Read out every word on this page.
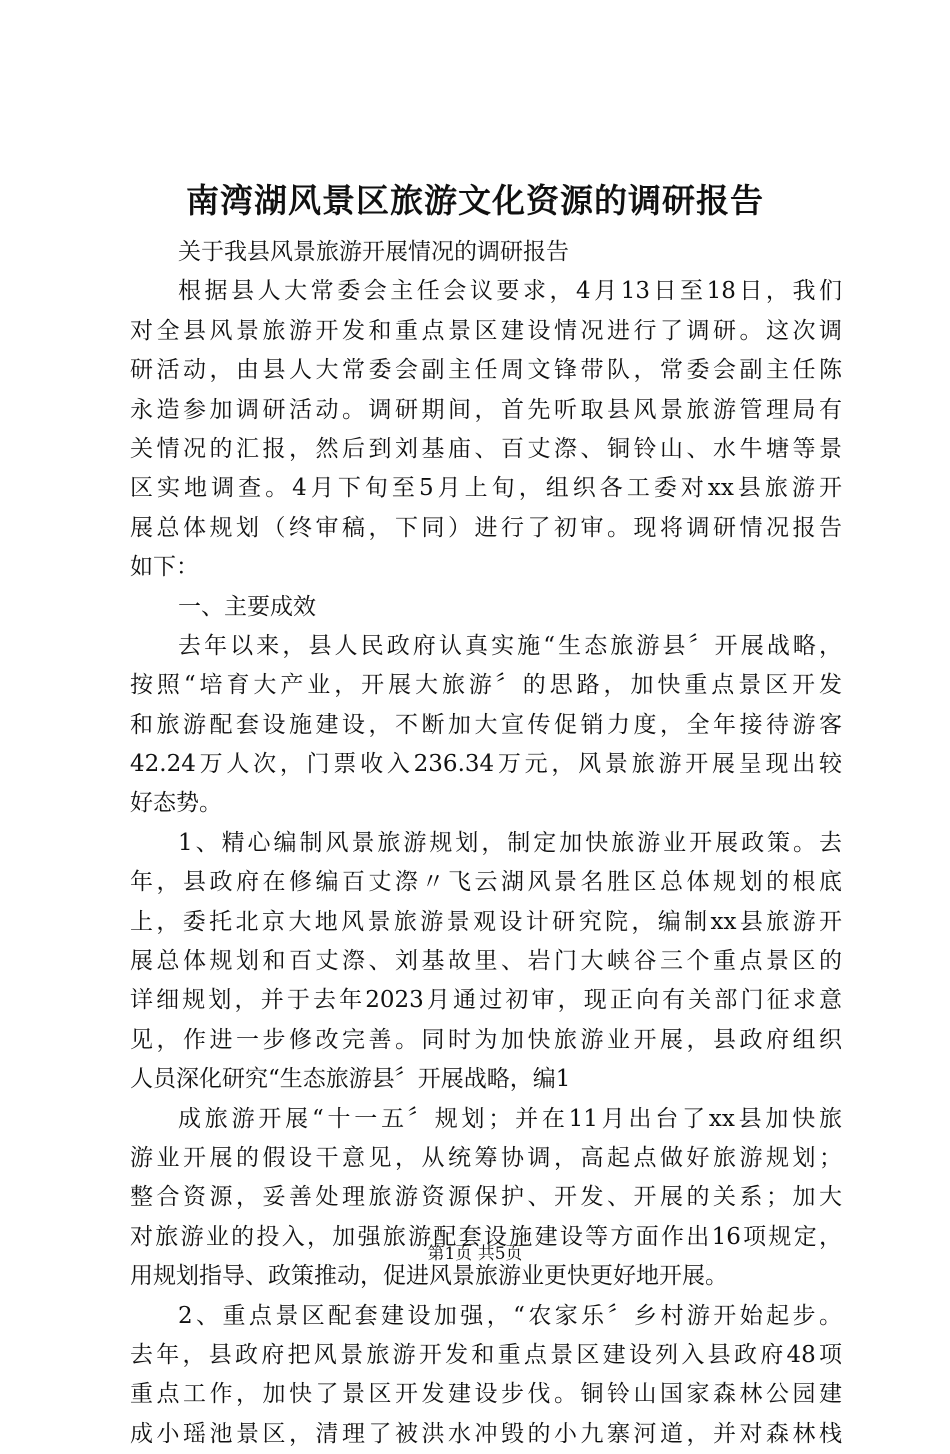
南湾湖风景区旅游文化资源的调研报告
关于我县风景旅游开展情况的调研报告
根据县人大常委会主任会议要求，4月13日至18日，我们
对全县风景旅游开发和重点景区建设情况进行了调研。这次调
研活动，由县人大常委会副主任周文锋带队，常委会副主任陈
永造参加调研活动。调研期间，首先听取县风景旅游管理局有
关情况的汇报，然后到刘基庙、百丈漈、铜铃山、水牛塘等景
区实地调查。4月下旬至5月上旬，组织各工委对xx县旅游开
展总体规划（终审稿，下同）进行了初审。现将调研情况报告
如下：
一、主要成效
去年以来，县人民政府认真实施“生态旅游县〞开展战略，
按照“培育大产业，开展大旅游〞的思路，加快重点景区开发
和旅游配套设施建设，不断加大宣传促销力度，全年接待游客
42.24万人次，门票收入236.34万元，风景旅游开展呈现出较
好态势。
1、精心编制风景旅游规划，制定加快旅游业开展政策。去
年，县政府在修编百丈漈〃飞云湖风景名胜区总体规划的根底
上，委托北京大地风景旅游景观设计研究院，编制xx县旅游开
展总体规划和百丈漈、刘基故里、岩门大峡谷三个重点景区的
详细规划，并于去年2023月通过初审，现正向有关部门征求意
见，作进一步修改完善。同时为加快旅游业开展，县政府组织
人员深化研究“生态旅游县〞开展战略，编1
成旅游开展“十一五〞规划；并在11月出台了xx县加快旅
游业开展的假设干意见，从统筹协调，高起点做好旅游规划；
整合资源，妥善处理旅游资源保护、开发、开展的关系；加大
对旅游业的投入，加强旅游配套设施建设等方面作出16项规定，
用规划指导、政策推动，促进风景旅游业更快更好地开展。
2、重点景区配套建设加强，“农家乐〞乡村游开始起步。
去年，县政府把风景旅游开发和重点景区建设列入县政府48项
重点工作，加快了景区开发建设步伐。铜铃山国家森林公园建
成小瑶池景区，清理了被洪水冲毁的小九寨河道，并对森林栈
第1页 共5页
